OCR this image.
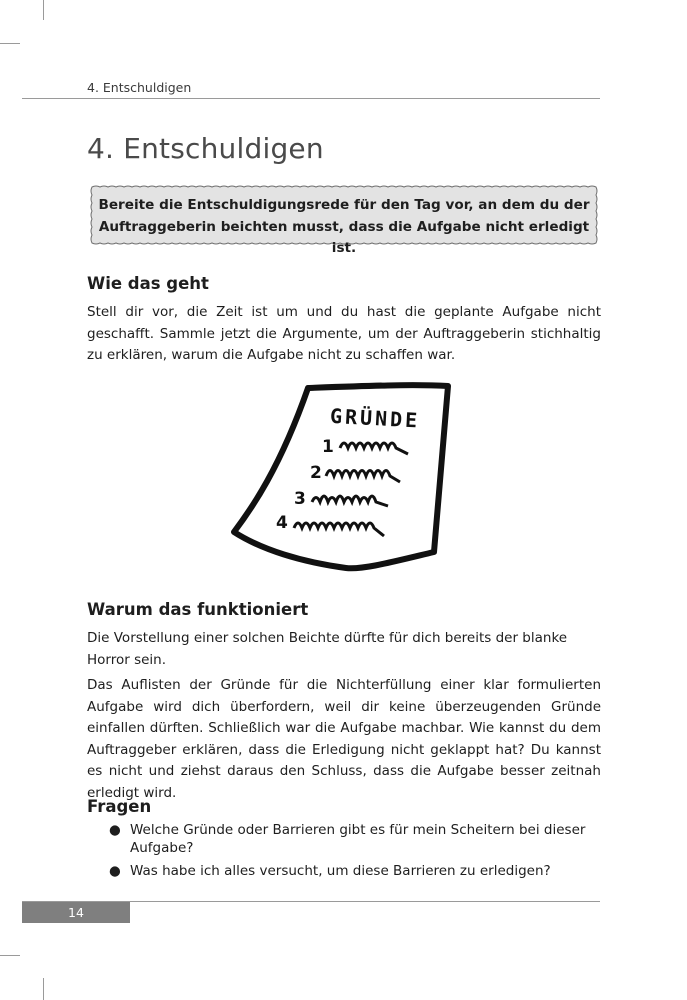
4. Entschuldigen
4. Entschuldigen
Bereite die Entschuldigungsrede für den Tag vor, an dem du der
Auftraggeberin beichten musst, dass die Aufgabe nicht erledigt ist.
Wie das geht

Stell dir vor, die Zeit ist um und du hast die geplante Aufgabe nicht geschafft. Sammle jetzt die Argumente, um der Auftraggeberin stichhaltig zu erklären, warum die Aufgabe nicht zu schaffen war.

GRÜNDE
1
2
3
4
Warum das funktioniert

Die Vorstellung einer solchen Beichte dürfte für dich bereits der blanke Horror sein.

Das Auflisten der Gründe für die Nichterfüllung einer klar formulierten Aufgabe wird dich überfordern, weil dir keine überzeugenden Gründe einfallen dürften. Schließlich war die Aufgabe machbar. Wie kannst du dem Auftraggeber erklären, dass die Erledigung nicht geklappt hat? Du kannst es nicht und ziehst daraus den Schluss, dass die Aufgabe besser zeitnah erledigt wird.

Fragen
● Welche Gründe oder Barrieren gibt es für mein Scheitern bei dieser Aufgabe?
● Was habe ich alles versucht, um diese Barrieren zu erledigen?
14
